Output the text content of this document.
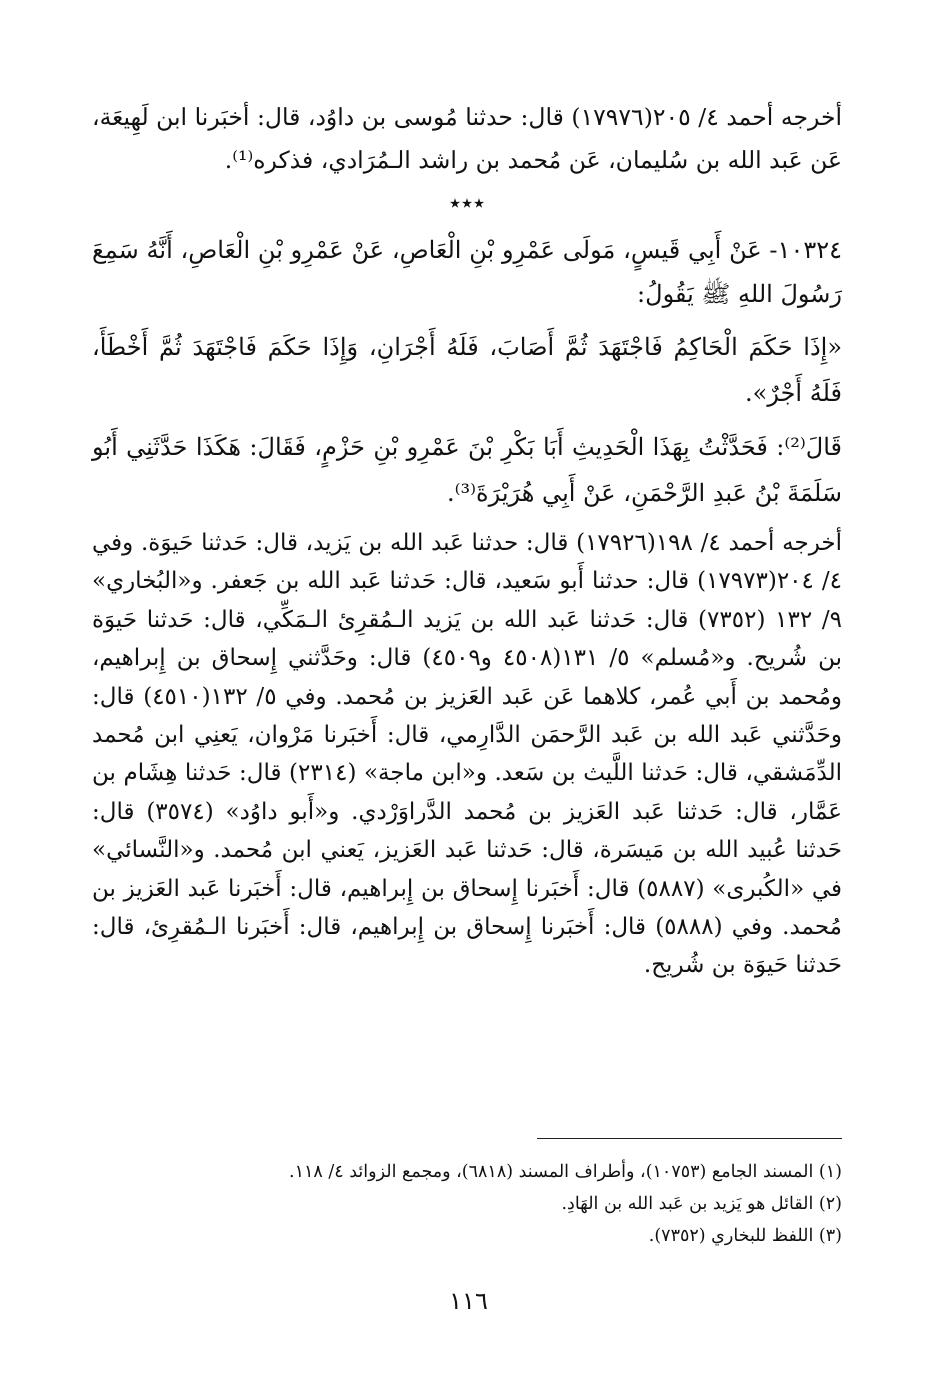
أخرجه أحمد ٤/ ٢٠٥(١٧٩٧٦) قال: حدثنا مُوسى بن داوُد، قال: أخبَرنا ابن لَهِيعَة، عَن عَبد الله بن سُليمان، عَن مُحمد بن راشد الـمُرَادي، فذكره⁽¹⁾.

٭٭٭

١٠٣٢٤- عَنْ أَبِي قَيسٍ، مَولَى عَمْرِو بْنِ الْعَاصِ، عَنْ عَمْرِو بْنِ الْعَاصِ، أَنَّهُ سَمِعَ رَسُولَ اللهِ ﷺ يَقُولُ:

«إِذَا حَكَمَ الْحَاكِمُ فَاجْتَهَدَ ثُمَّ أَصَابَ، فَلَهُ أَجْرَانِ، وَإِذَا حَكَمَ فَاجْتَهَدَ ثُمَّ أَخْطَأَ، فَلَهُ أَجْرٌ».

قَالَ⁽²⁾: فَحَدَّثْتُ بِهَذَا الْحَدِيثِ أَبَا بَكْرِ بْنَ عَمْرِو بْنِ حَزْمٍ، فَقَالَ: هَكَذَا حَدَّثَنِي أَبُو سَلَمَةَ بْنُ عَبدِ الرَّحْمَنِ، عَنْ أَبِي هُرَيْرَةَ⁽³⁾.

أخرجه أحمد ٤/ ١٩٨(١٧٩٢٦) قال: حدثنا عَبد الله بن يَزيد، قال: حَدثنا حَيوَة. وفي ٤/ ٢٠٤(١٧٩٧٣) قال: حدثنا أَبو سَعيد، قال: حَدثنا عَبد الله بن جَعفر. و«البُخاري» ٩/ ١٣٢ (٧٣٥٢) قال: حَدثنا عَبد الله بن يَزيد الـمُقرِئ الـمَكِّي، قال: حَدثنا حَيوَة بن شُريح. و«مُسلم» ٥/ ١٣١(٤٥٠٨ و٤٥٠٩) قال: وحَدَّثني إِسحاق بن إِبراهيم، ومُحمد بن أَبي عُمر، كلاهما عَن عَبد العَزيز بن مُحمد. وفي ٥/ ١٣٢(٤٥١٠) قال: وحَدَّثني عَبد الله بن عَبد الرَّحمَن الدَّارِمي، قال: أَخبَرنا مَرْوان، يَعنِي ابن مُحمد الدِّمَشقي، قال: حَدثنا اللَّيث بن سَعد. و«ابن ماجة» (٢٣١٤) قال: حَدثنا هِشَام بن عَمَّار، قال: حَدثنا عَبد العَزيز بن مُحمد الدَّراوَرْدي. و«أَبو داوُد» (٣٥٧٤) قال: حَدثنا عُبيد الله بن مَيسَرة، قال: حَدثنا عَبد العَزيز، يَعني ابن مُحمد. و«النَّسائي» في «الكُبرى» (٥٨٨٧) قال: أَخبَرنا إِسحاق بن إِبراهيم، قال: أَخبَرنا عَبد العَزيز بن مُحمد. وفي (٥٨٨٨) قال: أَخبَرنا إِسحاق بن إِبراهيم، قال: أَخبَرنا الـمُقرِئ، قال: حَدثنا حَيوَة بن شُريح.

(١) المسند الجامع (١٠٧٥٣)، وأطراف المسند (٦٨١٨)، ومجمع الزوائد ٤/ ١١٨.

(٢) القائل هو يَزيد بن عَبد الله بن الهَادِ.

(٣) اللفظ للبخاري (٧٣٥٢).

١١٦
